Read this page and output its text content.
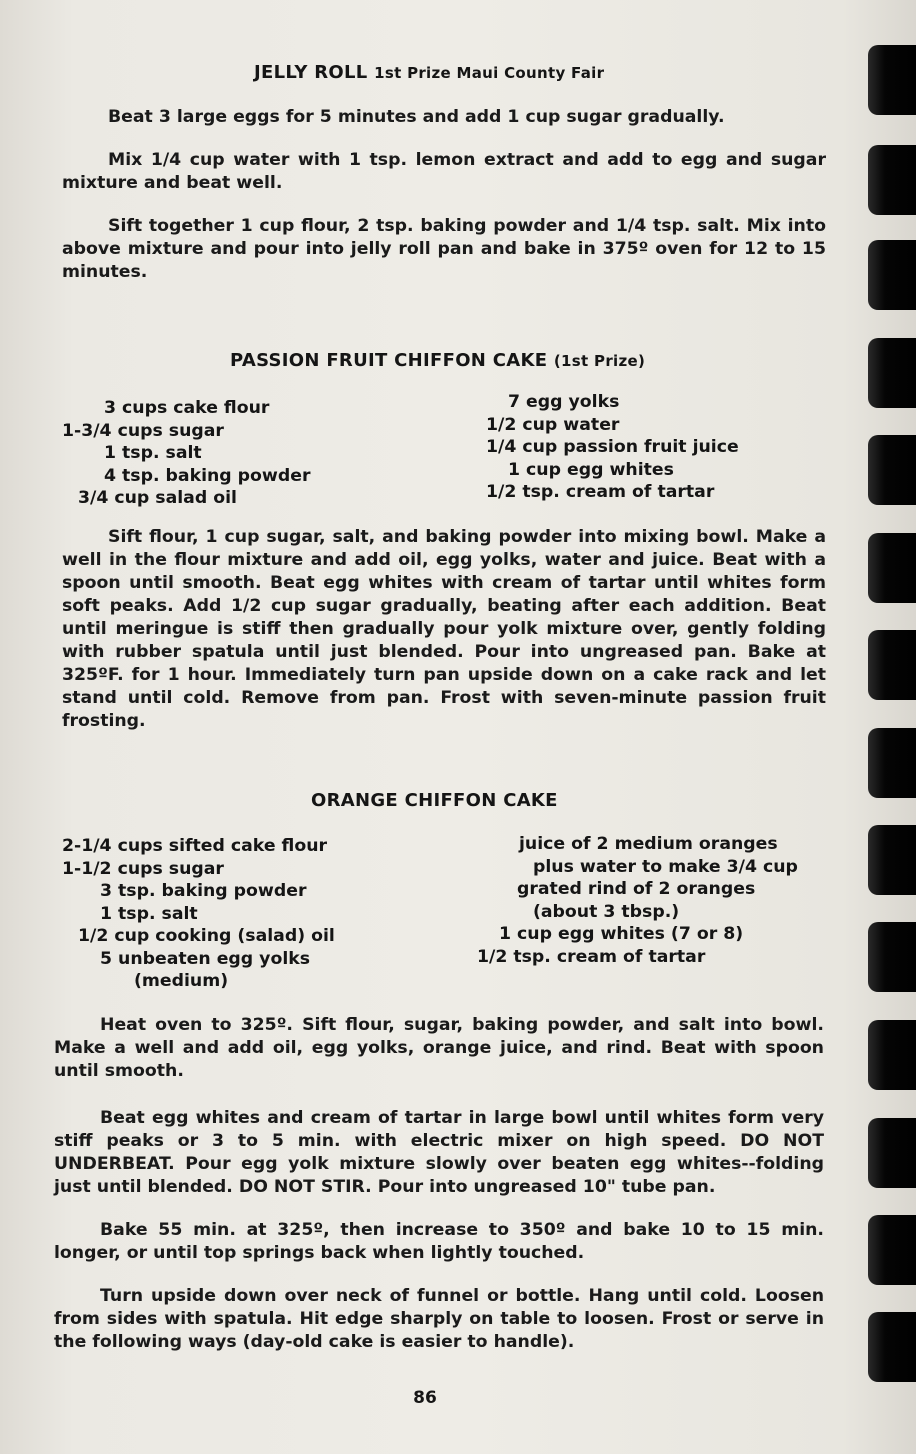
JELLY ROLL 1st Prize Maui County Fair

Beat 3 large eggs for 5 minutes and add 1 cup sugar gradually.

Mix 1/4 cup water with 1 tsp. lemon extract and add to egg and sugar mixture and beat well.

Sift together 1 cup flour, 2 tsp. baking powder and 1/4 tsp. salt. Mix into above mixture and pour into jelly roll pan and bake in 375º oven for 12 to 15 minutes.

PASSION FRUIT CHIFFON CAKE (1st Prize)
3 cups cake flour
1-3/4 cups sugar
1 tsp. salt
4 tsp. baking powder
3/4 cup salad oil
7 egg yolks
1/2 cup water
1/4 cup passion fruit juice
1 cup egg whites
1/2 tsp. cream of tartar

Sift flour, 1 cup sugar, salt, and baking powder into mixing bowl. Make a well in the flour mixture and add oil, egg yolks, water and juice. Beat with a spoon until smooth. Beat egg whites with cream of tartar until whites form soft peaks. Add 1/2 cup sugar gradually, beating after each addition. Beat until meringue is stiff then gradually pour yolk mixture over, gently folding with rubber spatula until just blended. Pour into ungreased pan. Bake at 325ºF. for 1 hour. Immediately turn pan upside down on a cake rack and let stand until cold. Remove from pan. Frost with seven-minute passion fruit frosting.

ORANGE CHIFFON CAKE
2-1/4 cups sifted cake flour
1-1/2 cups sugar
3 tsp. baking powder
1 tsp. salt
1/2 cup cooking (salad) oil
5 unbeaten egg yolks
(medium)
juice of 2 medium oranges
plus water to make 3/4 cup
grated rind of 2 oranges
(about 3 tbsp.)
1 cup egg whites (7 or 8)
1/2 tsp. cream of tartar

Heat oven to 325º. Sift flour, sugar, baking powder, and salt into bowl. Make a well and add oil, egg yolks, orange juice, and rind. Beat with spoon until smooth.

Beat egg whites and cream of tartar in large bowl until whites form very stiff peaks or 3 to 5 min. with electric mixer on high speed. DO NOT UNDERBEAT. Pour egg yolk mixture slowly over beaten egg whites--folding just until blended. DO NOT STIR. Pour into ungreased 10" tube pan.

Bake 55 min. at 325º, then increase to 350º and bake 10 to 15 min. longer, or until top springs back when lightly touched.

Turn upside down over neck of funnel or bottle. Hang until cold. Loosen from sides with spatula. Hit edge sharply on table to loosen. Frost or serve in the following ways (day-old cake is easier to handle).

86
